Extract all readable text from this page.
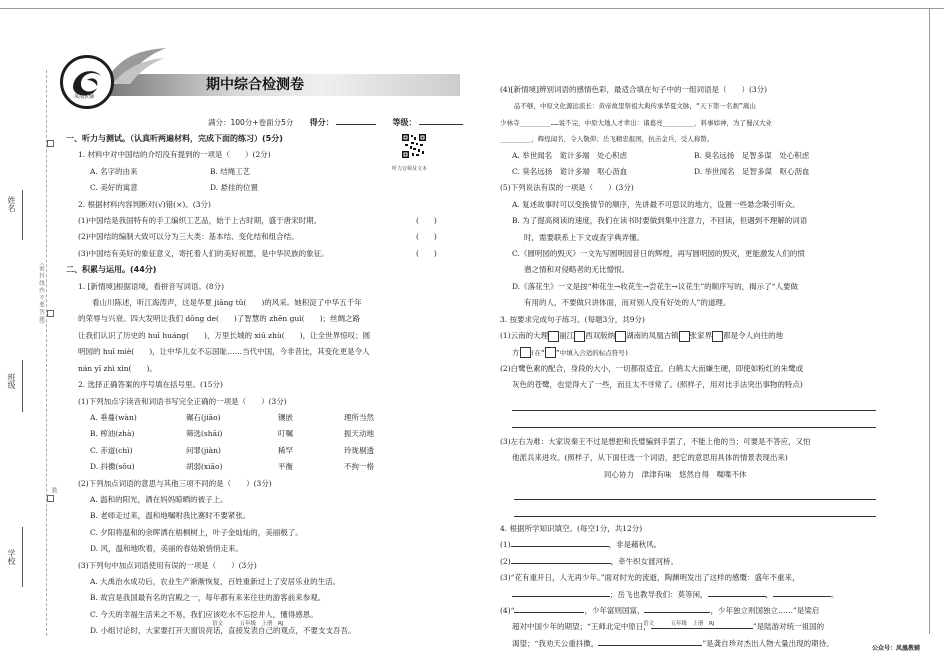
姓名
班级
学校
（密 封 线 内 不 要 答 题）
装
凤凰教辅
期中综合检测卷
满分：100分+卷面分5分 得分：	等级：
听力音频及文本
一、听力与测试。（认真听两遍材料，完成下面的练习）(5分)
1. 材料中对中国结的介绍没有提到的一项是（　　）(2分)
A. 名字的由来	B. 结绳工艺
C. 美好的寓意	D. 悬挂的位置
2. 根据材料内容判断对(√)错(×)。(3分)
(1)中国结是我国特有的手工编织工艺品，始于上古时期，盛于唐宋时期。	(　　)
(2)中国结的编制大致可以分为三大类：基本结、变化结和组合结。	(　　)
(3)中国结有美好的象征意义，寄托着人们的美好祝愿，是中华民族的象征。	(　　)
二、积累与运用。(44分)
1. [新情境]根据语境，看拼音写词语。(8分)
看山川陈述，听江海涛声，这是华夏 jiāng tǔ(　　)的风采。她积淀了中华五千年
的荣辱与兴衰。四大发明让我们 dōng de(　　)了智慧的 zhēn guì(　　)；丝绸之路
让我们认识了历史的 huī huáng(　　)，万里长城的 xiū zhù(　　)，让全世界惊叹；圆
明园的 huǐ miè(　　)，让中华儿女不忘国耻……当代中国，今非昔比，其变化更是令人
nán yǐ zhì xìn(　　)。
2. 选择正确答案的序号填在括号里。(15分)
(1)下列加点字读音和词语书写完全正确的一项是（　　）(3分)
A. 垂蔓(wàn)	碾石(jiāo)	镶嵌	理所当然
B. 榨油(zhà)	筛选(shāi)	叮嘱	振天动地
C. 赤道(chì)	问罪(jiàn)	稀罕	玲珑剔透
D. 抖擞(sǒu)	胡弱(xiāo)	平衡	不拘一格
(2)下列加点词语的意思与其他三项不同的是（　　）(3分)
A. 温和的阳光，洒在妈妈晾晒的被子上。
B. 老师走过来，温和地嘱咐我比赛时不要紧张。
C. 夕阳将温和的余晖洒在梧桐树上，叶子金灿灿的，美丽极了。
D. 风，温和地吹着，美丽的春姑娘悄悄走来。
(3)下列句中加点词语使用有误的一项是（　　）(3分)
A. 大禹治水成功后，农业生产渐渐恢复，百姓重新过上了安居乐业的生活。
B. 故宫是我国最有名的宫殿之一，每年都有来来往往的游客前来参观。
C. 今天的幸福生活来之不易，我们应该吃水不忘挖井人，懂得感恩。
D. 小组讨论时，大家要打开天窗说亮话，直接发表自己的观点，不要支支吾吾。
语文　　　五年级　上册　RJ
(4)[新情境]辨别词语的感情色彩，最适合填在句子中的一组词语是（　　）(3分)
品不够，中原文化源远流长：黄帝故里祭祖大典传承华夏文脉，“天下第一名刹”嵩山
少林寺________……说不完，中原大地人才辈出：诸葛亮________，料事如神，为了蜀汉大业
________，辉煌闻名，令人敬仰；岳飞精忠报国，抗击金兵，受人称赞。
A. 举世闻名　诡计多端　处心积虑	B. 臭名远扬　足智多谋　处心积虑
C. 臭名远扬　诡计多端　呕心沥血	D. 举世闻名　足智多谋　呕心沥血
(5)下列说法有误的一项是（　　）(3分)
A. 复述故事时可以变换情节的顺序，先讲最不可思议的地方，设置一些悬念吸引听众。
B. 为了提高阅读的速度，我们在读书时要做到集中注意力，不回读，但遇到不理解的词语
时，需要联系上下文或查字典弄懂。
C.《圆明园的毁灭》一文先写圆明园昔日的辉煌，再写圆明园的毁灭，更能激发人们的愤
懑之情和对侵略者的无比憎恨。
D.《落花生》一文是按“种花生→收花生→尝花生→议花生”的顺序写的，揭示了“人要做
有用的人，不要做只讲体面，而对别人没有好处的人”的道理。
3. 按要求完成句子练习。(每题3分，共9分)
(1)云南的大理 丽江 西双版纳 湖南的凤凰古镇 张家界 都是令人向往的地
方 (在“ ”中填入合适的标点符号)
(2)白鹭色素的配合，身段的大小，一切都很适宜。白鹤太大而嫌生硬，即使如粉红的朱鹭或
灰色的苍鹭，也觉得大了一些，而且太不寻常了。(照样子，用对比手法突出事物的特点)
(3)左右为难：大家说秦王不过是想把和氏璧骗到手罢了，不能上他的当；可要是不答应，又怕
他派兵来进攻。(照样子，从下面任选一个词语，把它的意思用具体的情景表现出来)
同心协力　津津有味　悠然自得　喋喋不休
4. 根据所学知识填空。(每空1分，共12分)
(1)	，非是藉秋风。
(2)	，牵牛织女渡河桥。
(3)“花有重开日，人无再少年。”面对时光的流逝，陶渊明发出了这样的感慨：盛年不重来，
；岳飞也教导我们：莫等闲，	，	。
(4)“	，少年富则国富，	，少年独立则国独立……”是梁启
超对中国少年的期望；“王师北定中原日，	”是陆游对统一祖国的
渴望；“我劝天公重抖擞，	”是龚自珍对杰出人物大量出现的期待。
语文　　　五年级　上册　RJ
公众号：凤凰教辅
